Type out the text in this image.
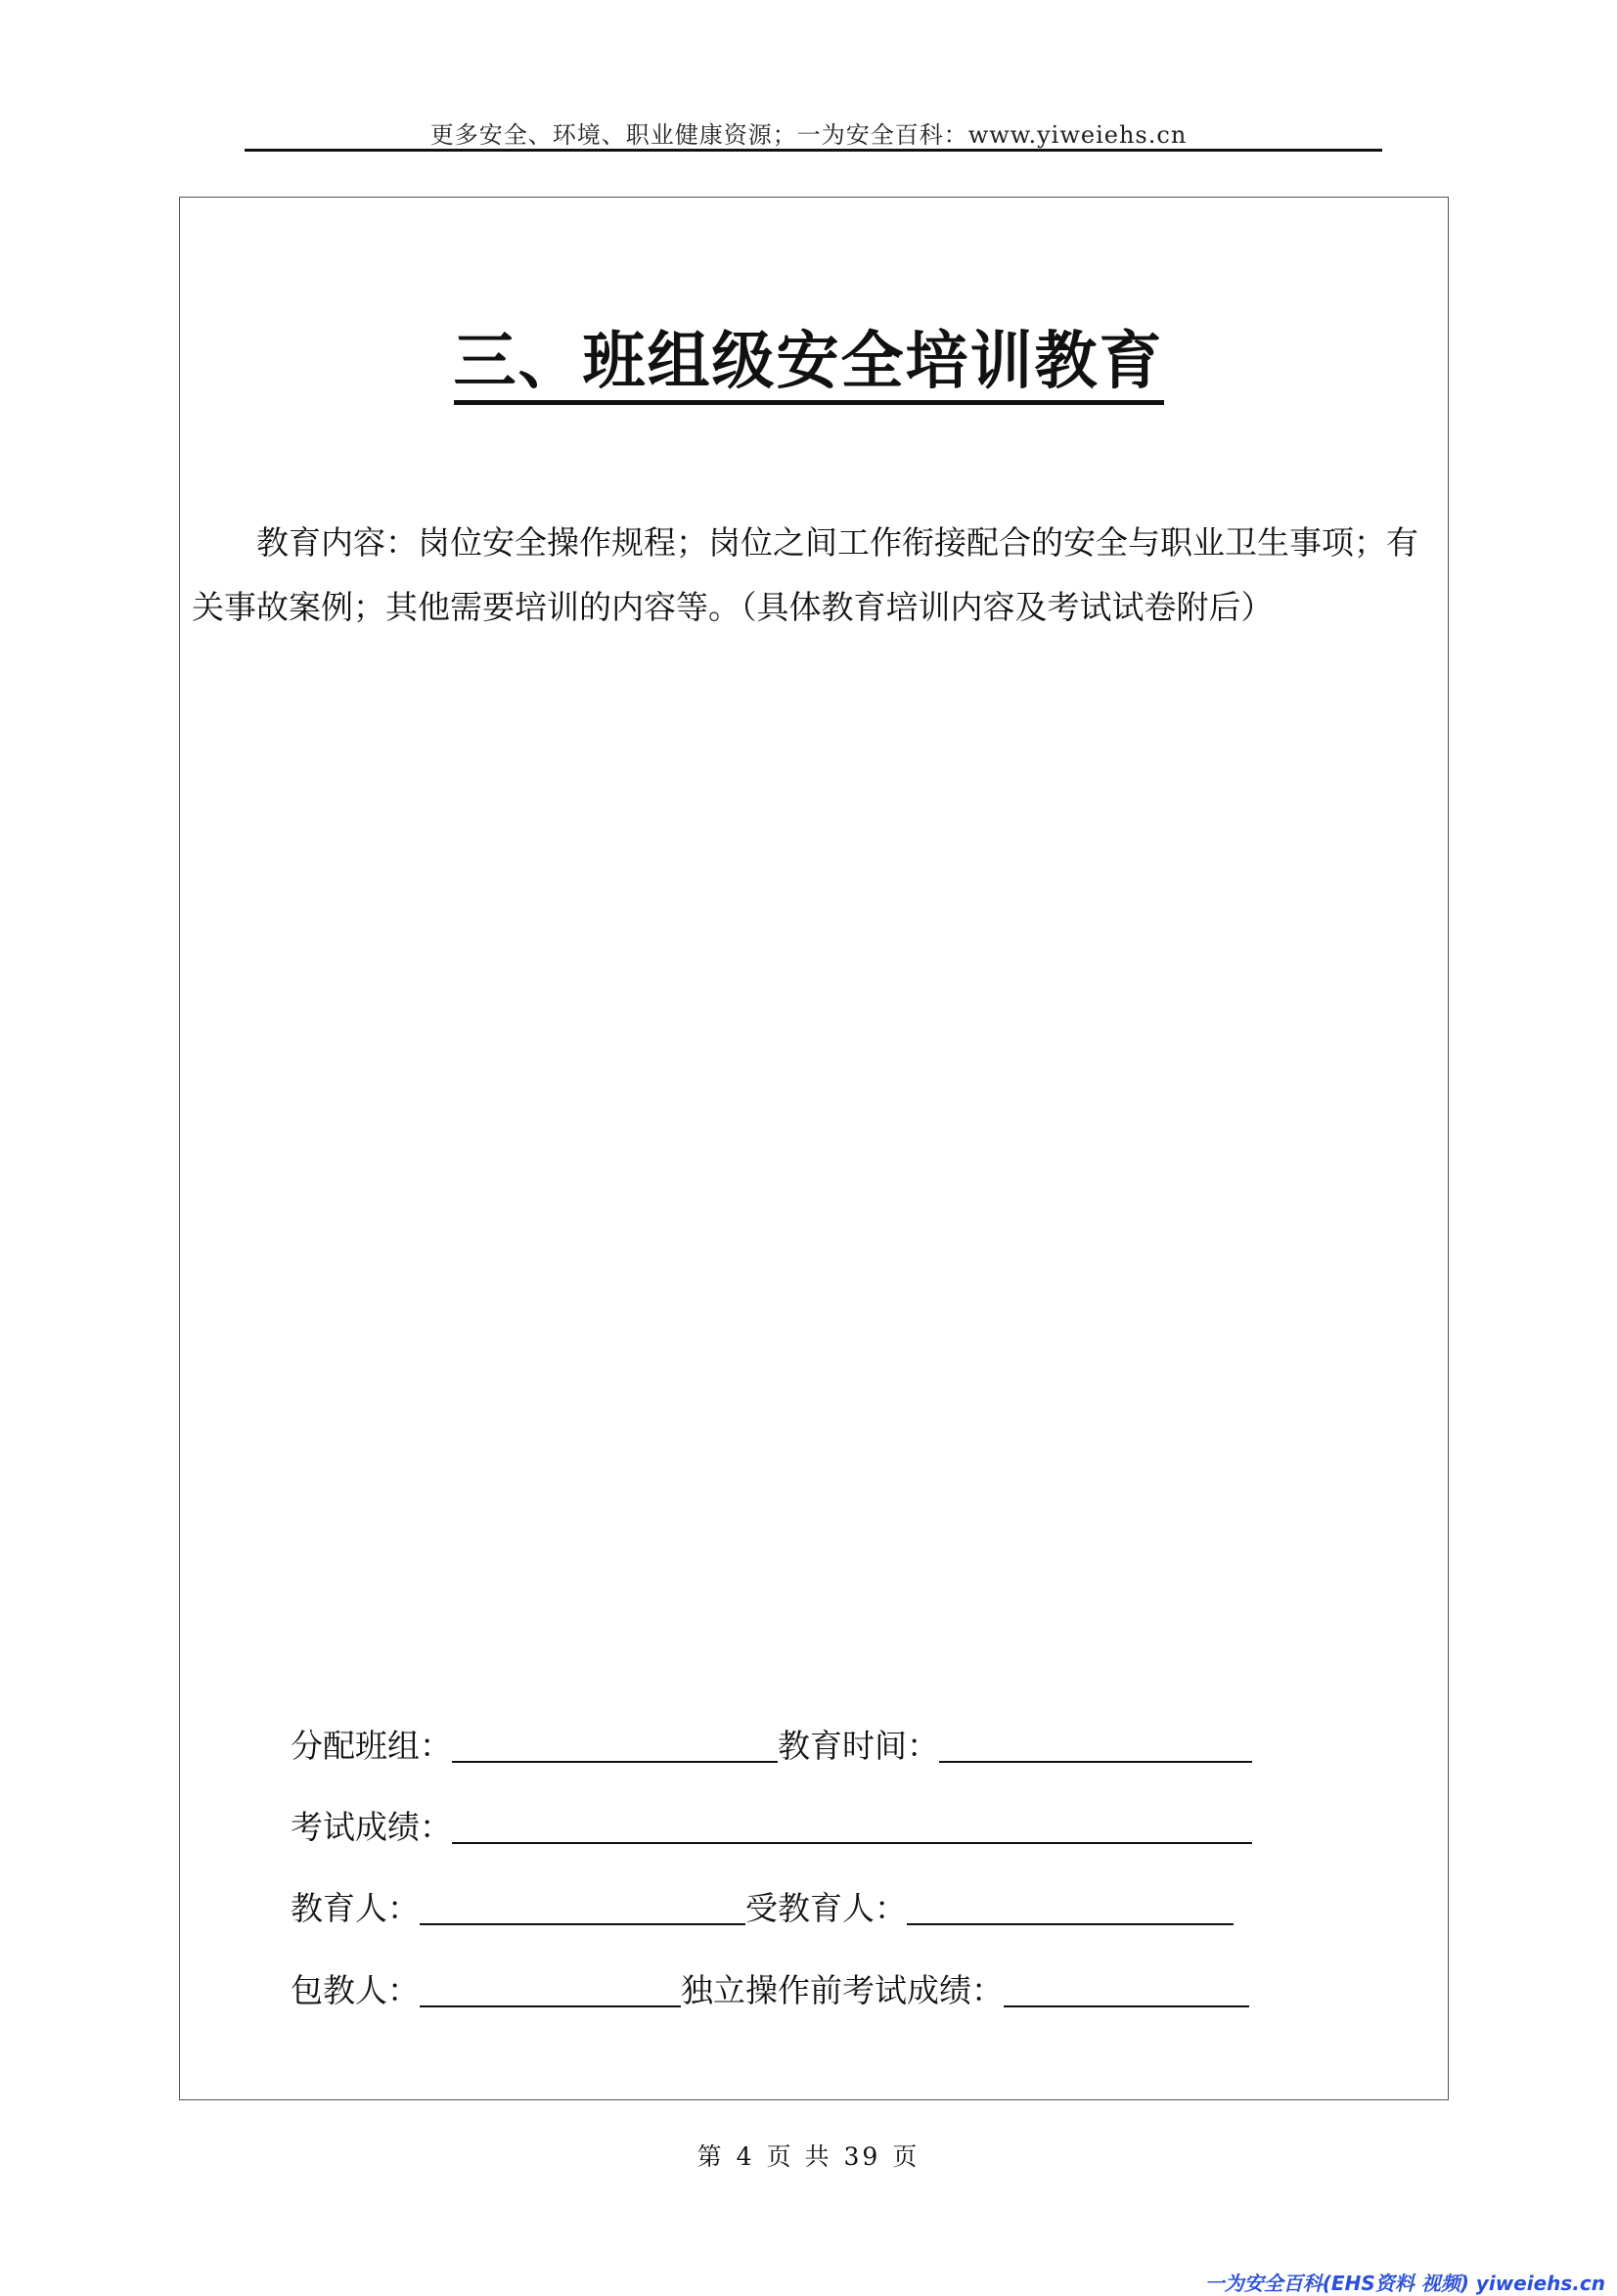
更多安全、环境、职业健康资源；一为安全百科：www.yiweiehs.cn
三、班组级安全培训教育
教育内容：岗位安全操作规程；岗位之间工作衔接配合的安全与职业卫生事项；有关事故案例；其他需要培训的内容等。（具体教育培训内容及考试试卷附后）
分配班组：	教育时间：
考试成绩：
教育人：	受教育人：
包教人：	独立操作前考试成绩：
第 4 页 共 39 页
一为安全百科(EHS资料 视频) yiweiehs.cn
